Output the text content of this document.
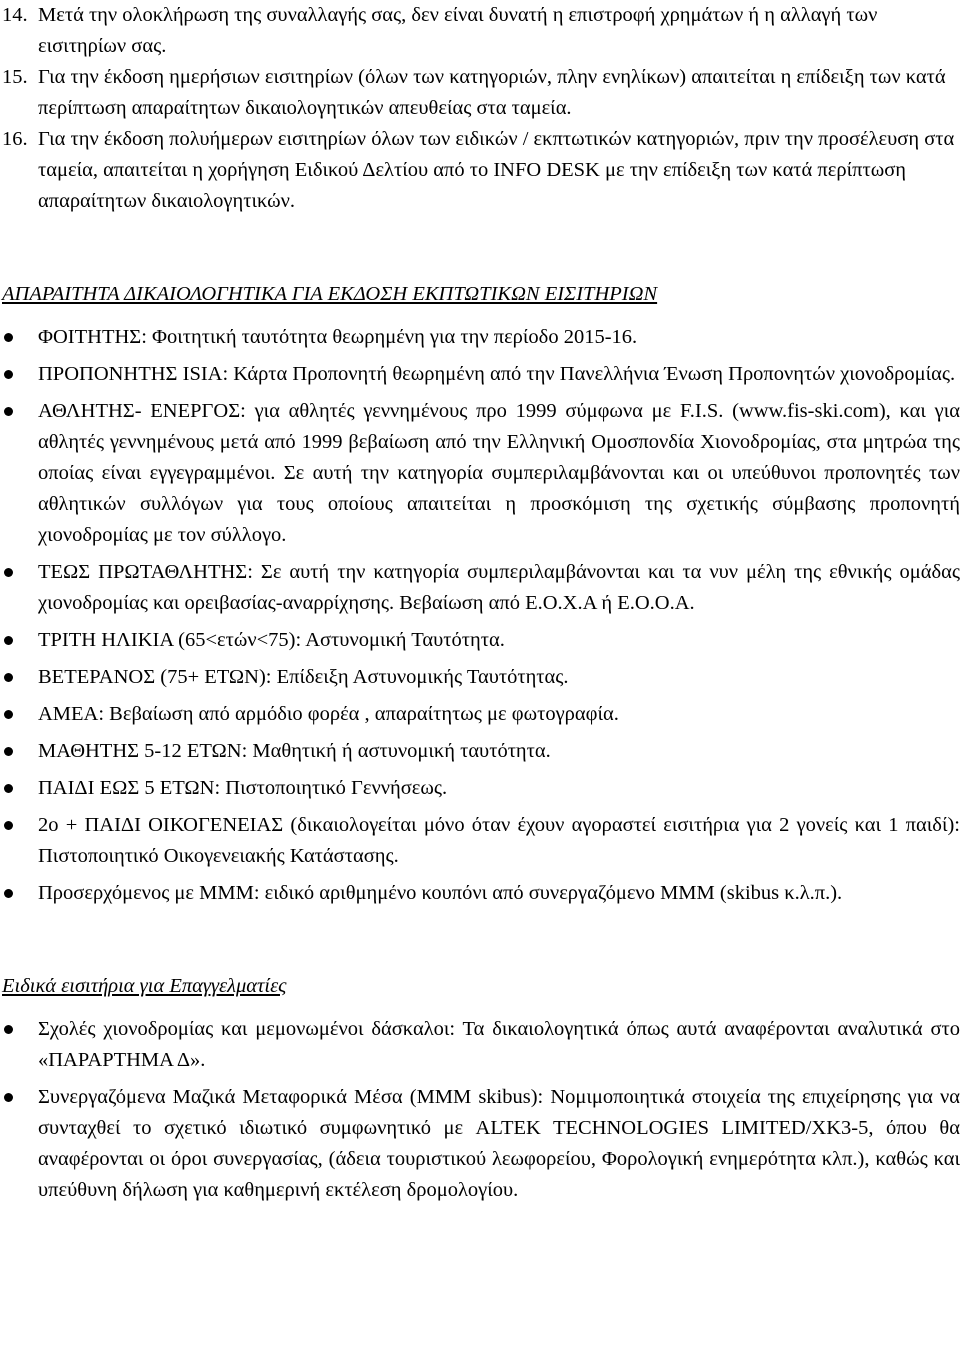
14. Μετά την ολοκλήρωση της συναλλαγής σας, δεν είναι δυνατή η επιστροφή χρημάτων ή η αλλαγή των εισιτηρίων σας.
15. Για την έκδοση ημερήσιων εισιτηρίων (όλων των κατηγοριών, πλην ενηλίκων) απαιτείται η επίδειξη των κατά περίπτωση απαραίτητων δικαιολογητικών απευθείας στα ταμεία.
16. Για την έκδοση πολυήμερων εισιτηρίων όλων των ειδικών / εκπτωτικών κατηγοριών, πριν την προσέλευση στα ταμεία, απαιτείται η χορήγηση Ειδικού Δελτίου από το INFO DESK με την επίδειξη των κατά περίπτωση απαραίτητων δικαιολογητικών.

ΑΠΑΡΑΙΤΗΤΑ ΔΙΚΑΙΟΛΟΓΗΤΙΚΑ ΓΙΑ ΕΚΔΟΣΗ ΕΚΠΤΩΤΙΚΩΝ ΕΙΣΙΤΗΡΙΩΝ

ΦΟΙΤΗΤΗΣ: Φοιτητική ταυτότητα θεωρημένη για την περίοδο 2015-16.
ΠΡΟΠΟΝΗΤΗΣ ISIA: Κάρτα Προπονητή θεωρημένη από την Πανελλήνια Ένωση Προπονητών χιονοδρομίας.
ΑΘΛΗΤΗΣ- ΕΝΕΡΓΟΣ: για αθλητές γεννημένους προ 1999 σύμφωνα με F.I.S. (www.fis-ski.com), και για αθλητές γεννημένους μετά από 1999 βεβαίωση από την Ελληνική Ομοσπονδία Χιονοδρομίας, στα μητρώα της οποίας είναι εγγεγραμμένοι. Σε αυτή την κατηγορία συμπεριλαμβάνονται και οι υπεύθυνοι προπονητές των αθλητικών συλλόγων για τους οποίους απαιτείται η προσκόμιση της σχετικής σύμβασης προπονητή χιονοδρομίας με τον σύλλογο.
ΤΕΩΣ ΠΡΩΤΑΘΛΗΤΗΣ: Σε αυτή την κατηγορία συμπεριλαμβάνονται και τα νυν μέλη της εθνικής ομάδας χιονοδρομίας και ορειβασίας-αναρρίχησης. Βεβαίωση από Ε.Ο.Χ.Α ή Ε.Ο.Ο.Α.
ΤΡΙΤΗ ΗΛΙΚΙΑ (65<ετών<75): Αστυνομική Ταυτότητα.
ΒΕΤΕΡΑΝΟΣ (75+ ΕΤΩΝ): Επίδειξη Αστυνομικής Ταυτότητας.
ΑΜΕΑ: Βεβαίωση από αρμόδιο φορέα , απαραίτητως με φωτογραφία.
ΜΑΘΗΤΗΣ 5-12 ΕΤΩΝ: Μαθητική ή αστυνομική ταυτότητα.
ΠΑΙΔΙ ΕΩΣ 5 ΕΤΩΝ: Πιστοποιητικό Γεννήσεως.
2ο + ΠΑΙΔΙ ΟΙΚΟΓΕΝΕΙΑΣ (δικαιολογείται μόνο όταν έχουν αγοραστεί εισιτήρια για 2 γονείς και 1 παιδί): Πιστοποιητικό Οικογενειακής Κατάστασης.
Προσερχόμενος με ΜΜΜ: ειδικό αριθμημένο κουπόνι από συνεργαζόμενο ΜΜΜ (skibus κ.λ.π.).

Ειδικά εισιτήρια για Επαγγελματίες

Σχολές χιονοδρομίας και μεμονωμένοι δάσκαλοι: Τα δικαιολογητικά όπως αυτά αναφέρονται αναλυτικά στο «ΠΑΡΑΡΤΗΜΑ Δ».
Συνεργαζόμενα Μαζικά Μεταφορικά Μέσα (ΜΜΜ skibus): Νομιμοποιητικά στοιχεία της επιχείρησης για να συνταχθεί το σχετικό ιδιωτικό συμφωνητικό με ALTEK TECHNOLOGIES LIMITED/XK3-5, όπου θα αναφέρονται οι όροι συνεργασίας, (άδεια τουριστικού λεωφορείου, Φορολογική ενημερότητα κλπ.), καθώς και υπεύθυνη δήλωση για καθημερινή εκτέλεση δρομολογίου.
